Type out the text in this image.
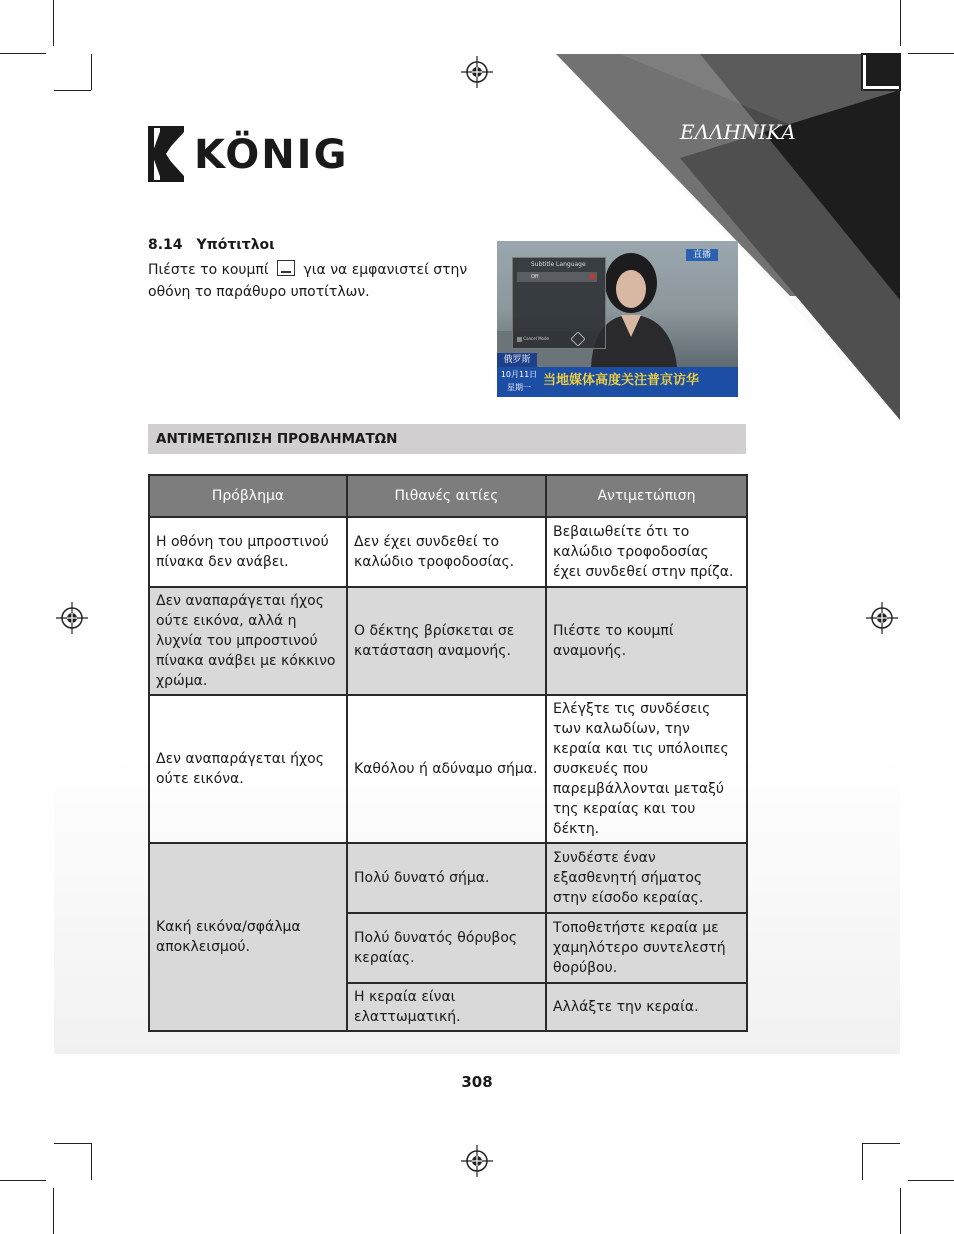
KÖNIG	ΕΛΛΗΝΙΚΑ
8.14 Υπότιτλοι
Πιέστε το κουμπί για να εμφανιστεί στην οθόνη το παράθυρο υποτίτλων.
Subtitle Language
Off
Cancel Mode
直播
俄罗斯
10月11日
星期一 当地媒体高度关注普京访华
ΑΝΤΙΜΕΤΩΠΙΣΗ ΠΡΟΒΛΗΜΑΤΩΝ
Πρόβλημα	Πιθανές αιτίες	Αντιμετώπιση
Η οθόνη του μπροστινού πίνακα δεν ανάβει.	Δεν έχει συνδεθεί το καλώδιο τροφοδοσίας.	Βεβαιωθείτε ότι το καλώδιο τροφοδοσίας έχει συνδεθεί στην πρίζα.
Δεν αναπαράγεται ήχος ούτε εικόνα, αλλά η λυχνία του μπροστινού πίνακα ανάβει με κόκκινο χρώμα.	Ο δέκτης βρίσκεται σε κατάσταση αναμονής.	Πιέστε το κουμπί αναμονής.
Δεν αναπαράγεται ήχος ούτε εικόνα.	Καθόλου ή αδύναμο σήμα.	Ελέγξτε τις συνδέσεις των καλωδίων, την κεραία και τις υπόλοιπες συσκευές που παρεμβάλλονται μεταξύ της κεραίας και του δέκτη.
Κακή εικόνα/σφάλμα αποκλεισμού.	Πολύ δυνατό σήμα.	Συνδέστε έναν εξασθενητή σήματος στην είσοδο κεραίας.
	Πολύ δυνατός θόρυβος κεραίας.	Τοποθετήστε κεραία με χαμηλότερο συντελεστή θορύβου.
	Η κεραία είναι ελαττωματική.	Αλλάξτε την κεραία.
308
